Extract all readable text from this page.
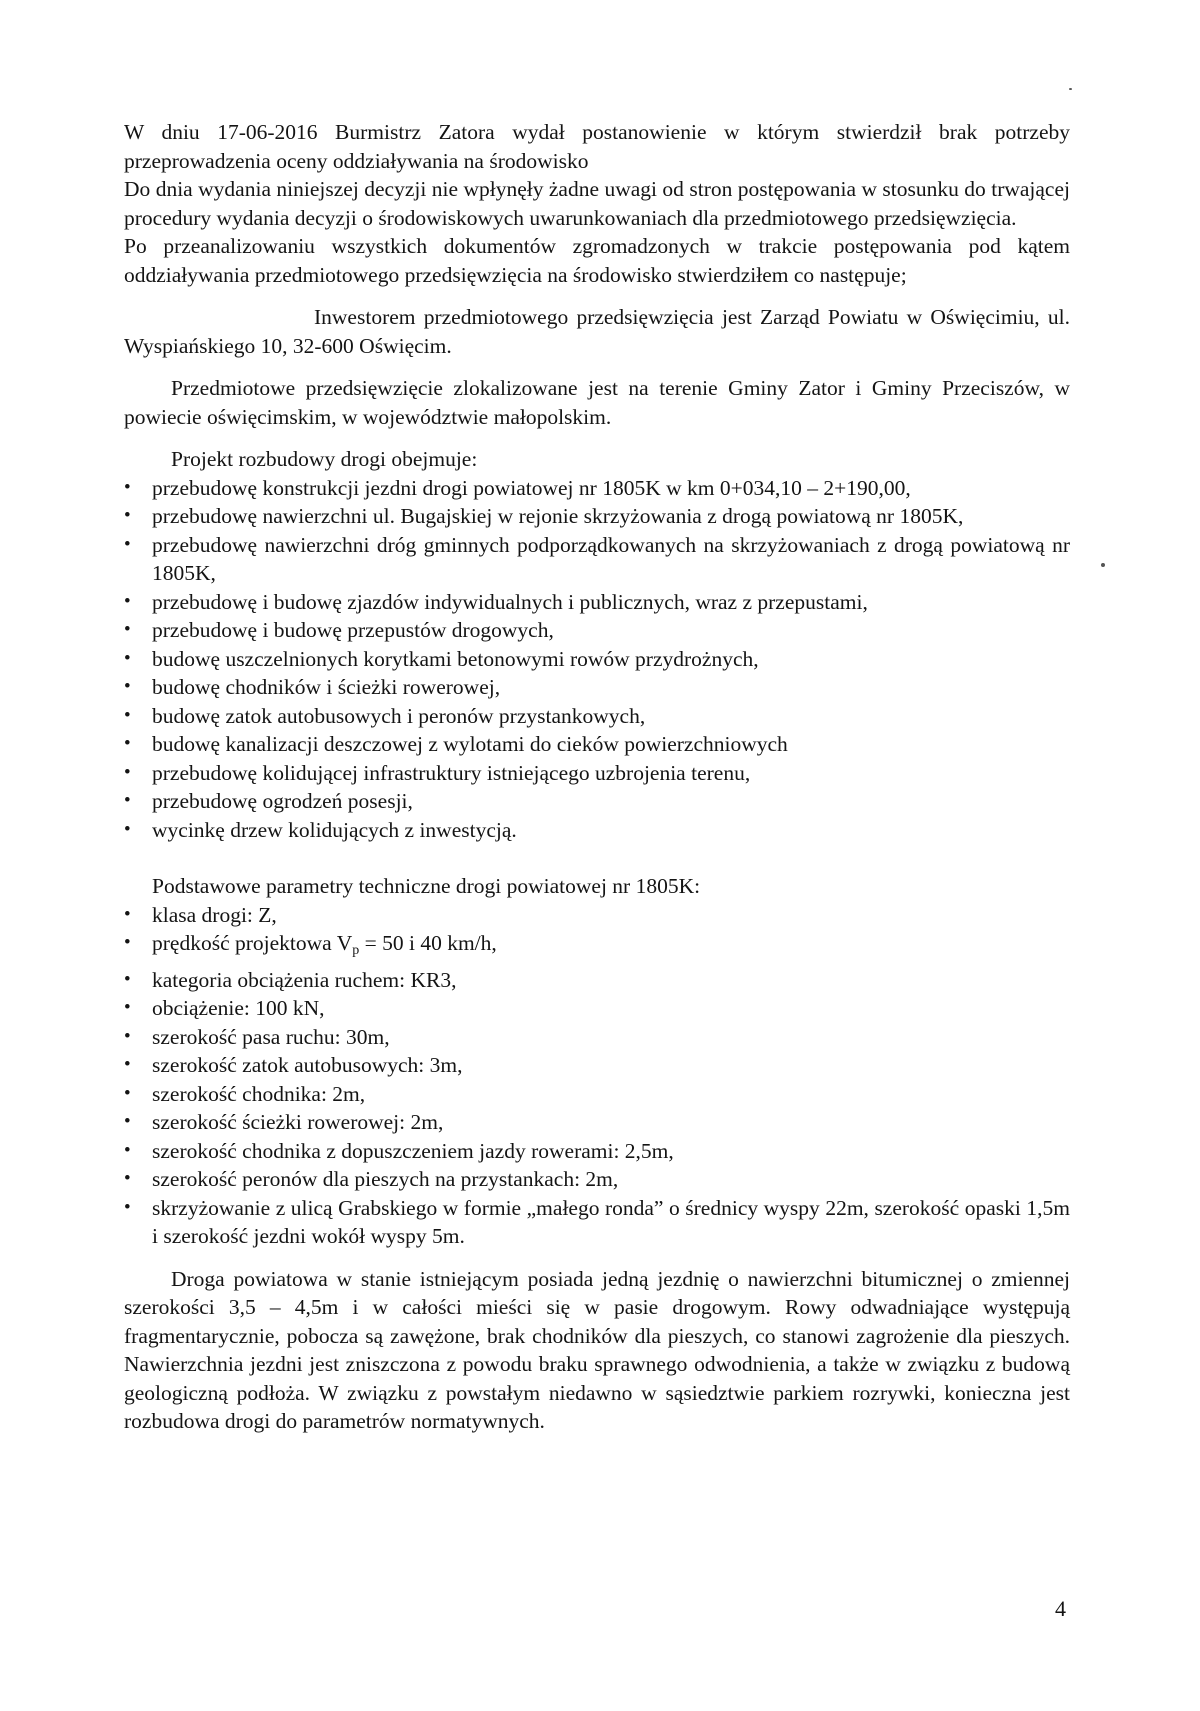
W dniu 17-06-2016 Burmistrz Zatora wydał postanowienie w którym stwierdził brak potrzeby przeprowadzenia oceny oddziaływania na środowisko

Do dnia wydania niniejszej decyzji nie wpłynęły żadne uwagi od stron postępowania w stosunku do trwającej procedury wydania decyzji o środowiskowych uwarunkowaniach dla przedmiotowego przedsięwzięcia.

Po przeanalizowaniu wszystkich dokumentów zgromadzonych w trakcie postępowania pod kątem oddziaływania przedmiotowego przedsięwzięcia na środowisko stwierdziłem co następuje;

Inwestorem przedmiotowego przedsięwzięcia jest Zarząd Powiatu w Oświęcimiu, ul. Wyspiańskiego 10, 32-600 Oświęcim.

Przedmiotowe przedsięwzięcie zlokalizowane jest na terenie Gminy Zator i Gminy Przeciszów, w powiecie oświęcimskim, w województwie małopolskim.

Projekt rozbudowy drogi obejmuje:

• przebudowę konstrukcji jezdni drogi powiatowej nr 1805K w km 0+034,10 – 2+190,00,
• przebudowę nawierzchni ul. Bugajskiej w rejonie skrzyżowania z drogą powiatową nr 1805K,
• przebudowę nawierzchni dróg gminnych podporządkowanych na skrzyżowaniach z drogą powiatową nr 1805K,
• przebudowę i budowę zjazdów indywidualnych i publicznych, wraz z przepustami,
• przebudowę i budowę przepustów drogowych,
• budowę uszczelnionych korytkami betonowymi rowów przydrożnych,
• budowę chodników i ścieżki rowerowej,
• budowę zatok autobusowych i peronów przystankowych,
• budowę kanalizacji deszczowej z wylotami do cieków powierzchniowych
• przebudowę kolidującej infrastruktury istniejącego uzbrojenia terenu,
• przebudowę ogrodzeń posesji,
• wycinkę drzew kolidujących z inwestycją.

Podstawowe parametry techniczne drogi powiatowej nr 1805K:

• klasa drogi: Z,
• prędkość projektowa $V_p = 50$ i 40 km/h,
• kategoria obciążenia ruchem: KR3,
• obciążenie: 100 kN,
• szerokość pasa ruchu: 30m,
• szerokość zatok autobusowych: 3m,
• szerokość chodnika: 2m,
• szerokość ścieżki rowerowej: 2m,
• szerokość chodnika z dopuszczeniem jazdy rowerami: 2,5m,
• szerokość peronów dla pieszych na przystankach: 2m,
• skrzyżowanie z ulicą Grabskiego w formie „małego ronda” o średnicy wyspy 22m, szerokość opaski 1,5m i szerokość jezdni wokół wyspy 5m.

Droga powiatowa w stanie istniejącym posiada jedną jezdnię o nawierzchni bitumicznej o zmiennej szerokości 3,5 – 4,5m i w całości mieści się w pasie drogowym. Rowy odwadniające występują fragmentarycznie, pobocza są zawężone, brak chodników dla pieszych, co stanowi zagrożenie dla pieszych. Nawierzchnia jezdni jest zniszczona z powodu braku sprawnego odwodnienia, a także w związku z budową geologiczną podłoża. W związku z powstałym niedawno w sąsiedztwie parkiem rozrywki, konieczna jest rozbudowa drogi do parametrów normatywnych.

4
